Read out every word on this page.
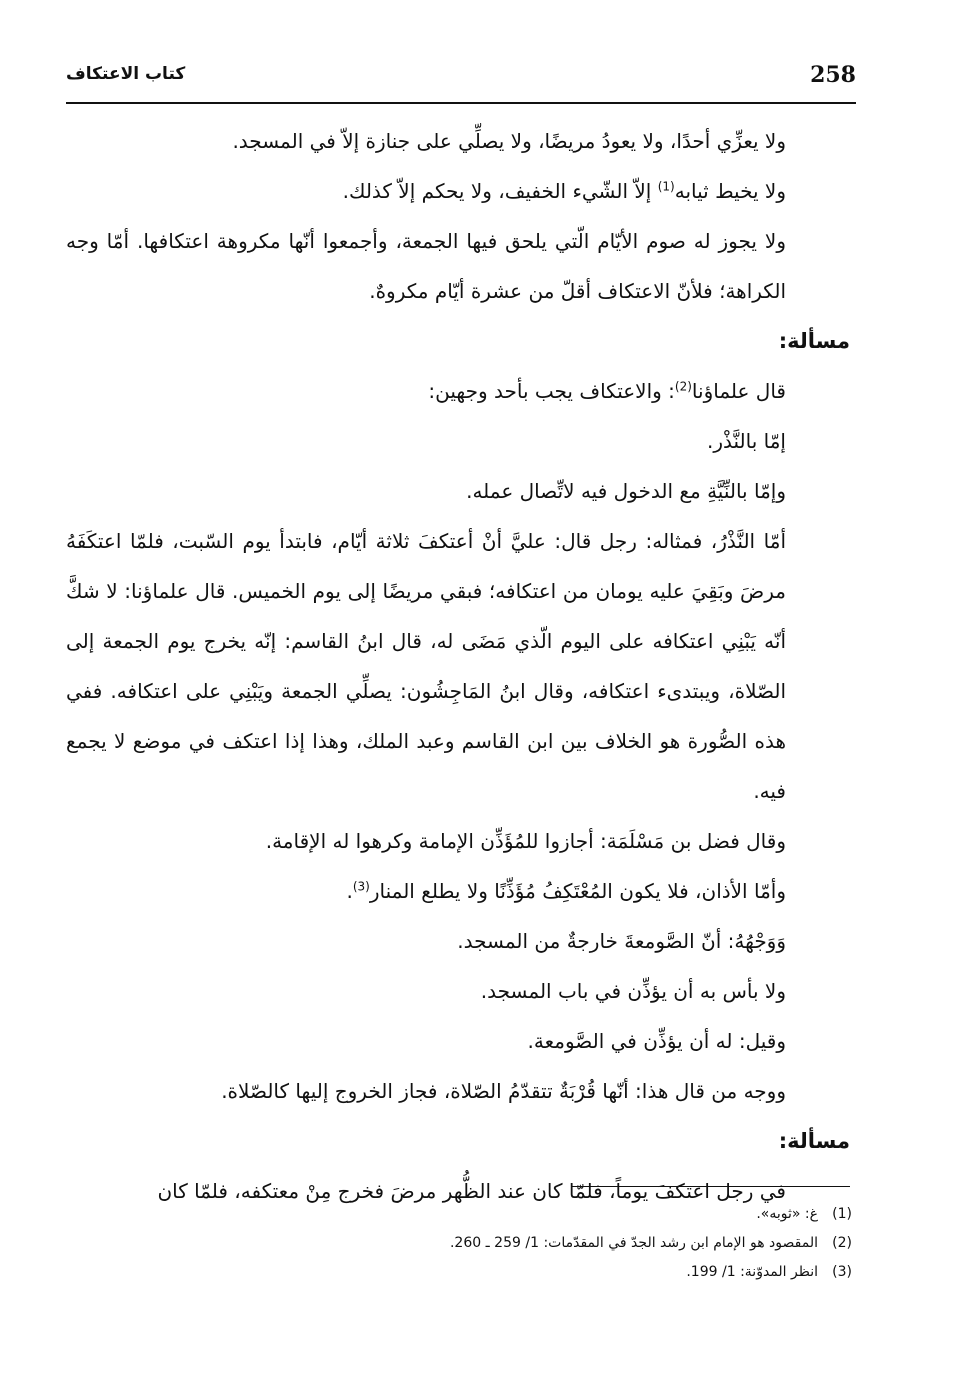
258
كتاب الاعتكاف

ولا يعزِّي أحدًا، ولا يعودُ مريضًا، ولا يصلِّي على جنازة إلاّ في المسجد.

ولا يخيط ثيابه$^{(1)}$ إلاّ الشّيء الخفيف، ولا يحكم إلاّ كذلك.

ولا يجوز له صوم الأيّام الّتي يلحق فيها الجمعة، وأجمعوا أنّها مكروهة اعتكافها. أمّا وجه الكراهة؛ فلأنّ الاعتكاف أقلّ من عشرة أيّام مكروهٌ.

مسألة:

قال علماؤنا$^{(2)}$: والاعتكاف يجب بأحد وجهين:

إمّا بالنَّذْر.

وإمّا بالنِّيَّةِ مع الدخول فيه لاتِّصال عمله.

أمّا النَّذْرُ، فمثاله: رجل قال: عليَّ أنْ أعتكفَ ثلاثة أيّام، فابتدأ يوم السّبت، فلمّا اعتكَفَهُ مرضَ وبَقِيَ عليه يومان من اعتكافه؛ فبقي مريضًا إلى يوم الخميس. قال علماؤنا: لا شكَّ أنّه يَبْنِي اعتكافه على اليوم الّذي مَضَى له، قال ابنُ القاسم: إنّه يخرج يوم الجمعة إلى الصّلاة، ويبتدىء اعتكافه، وقال ابنُ المَاجِشُون: يصلِّي الجمعة ويَبْنِي على اعتكافه. ففي هذه الصُّورة هو الخلاف بين ابن القاسم وعبد الملك، وهذا إذا اعتكف في موضع لا يجمع فيه.

وقال فضل بن مَسْلَمَة: أجازوا للمُؤَذِّن الإمامة وكرهوا له الإقامة.

وأمّا الأذان، فلا يكون المُعْتَكِفُ مُؤَذِّنًا ولا يطلع المنار$^{(3)}$.

وَوَجْهُهُ: أنّ الصَّومعةَ خارجةٌ من المسجد.

ولا بأس به أن يؤذِّن في باب المسجد.

وقيل: له أن يؤذِّن في الصَّومعة.

ووجه من قال هذا: أنّها قُرْبَةٌ تتقدّمُ الصّلاة، فجاز الخروج إليها كالصّلاة.

مسألة:

في رجل اعتكفَ يوماً، فلمّا كان عند الظُّهر مرضَ فخرج مِنْ معتكفه، فلمّا كان

(1)غ: «ثوبه».
(2)المقصود هو الإمام ابن رشد الجدّ في المقدّمات: 1/ 259 ـ 260.
(3)انظر المدوّنة: 1/ 199.
